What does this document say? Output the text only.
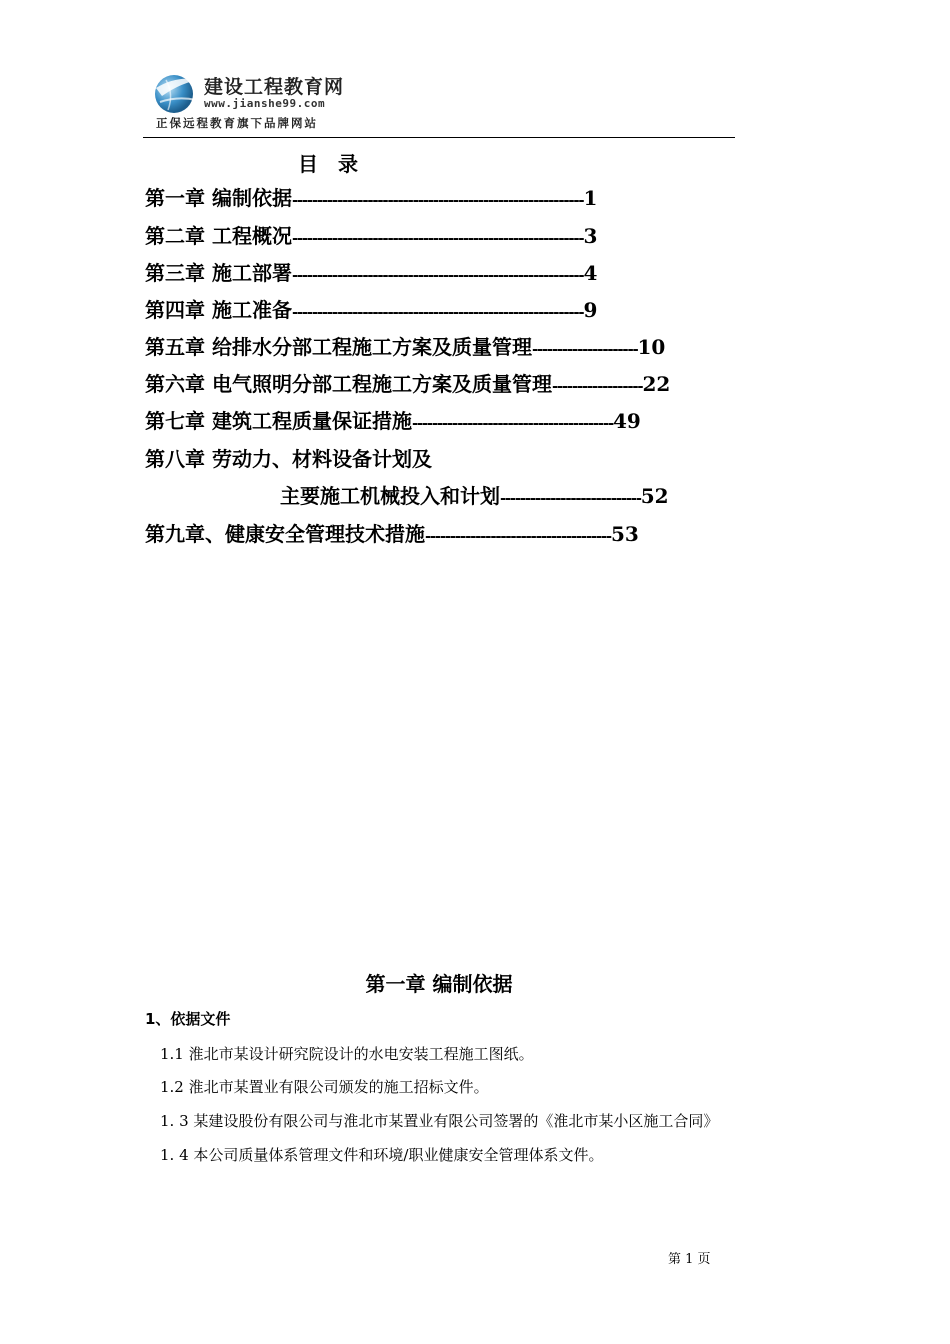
建设工程教育网
www.jianshe99.com
正保远程教育旗下品牌网站
目　录
第一章 编制依据----------------------------------------------------------1
第二章 工程概况----------------------------------------------------------3
第三章 施工部署----------------------------------------------------------4
第四章 施工准备----------------------------------------------------------9
第五章 给排水分部工程施工方案及质量管理---------------------10
第六章 电气照明分部工程施工方案及质量管理------------------22
第七章 建筑工程质量保证措施----------------------------------------49
第八章 劳动力、材料设备计划及
主要施工机械投入和计划----------------------------52
第九章、健康安全管理技术措施-------------------------------------53
第一章 编制依据
1、依据文件
1.1 淮北市某设计研究院设计的水电安装工程施工图纸。
1.2 淮北市某置业有限公司颁发的施工招标文件。
1. 3 某建设股份有限公司与淮北市某置业有限公司签署的《淮北市某小区施工合同》
1. 4 本公司质量体系管理文件和环境/职业健康安全管理体系文件。
第 1 页
